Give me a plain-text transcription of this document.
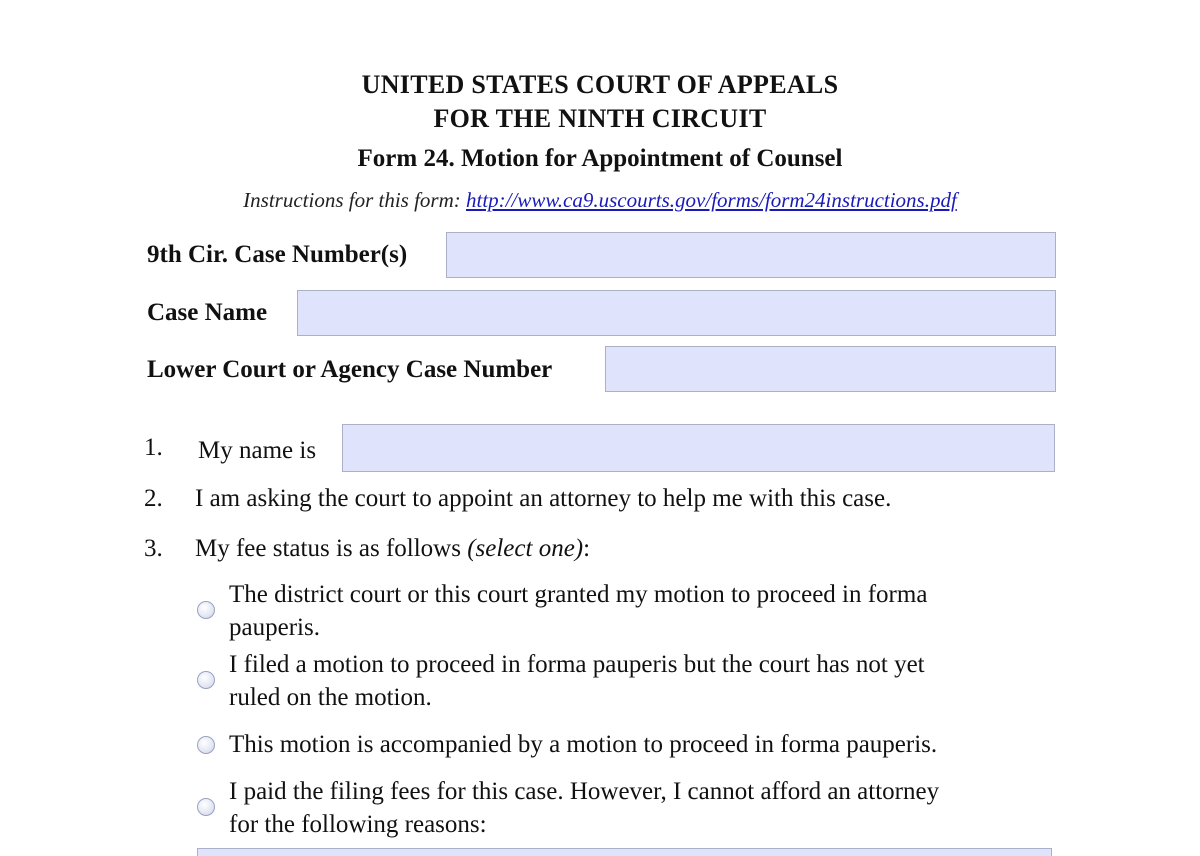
UNITED STATES COURT OF APPEALS
FOR THE NINTH CIRCUIT
Form 24. Motion for Appointment of Counsel
Instructions for this form: http://www.ca9.uscourts.gov/forms/form24instructions.pdf
9th Cir. Case Number(s)
Case Name
Lower Court or Agency Case Number
1. My name is
2. I am asking the court to appoint an attorney to help me with this case.
3. My fee status is as follows (select one):
The district court or this court granted my motion to proceed in forma
pauperis.
I filed a motion to proceed in forma pauperis but the court has not yet
ruled on the motion.
This motion is accompanied by a motion to proceed in forma pauperis.
I paid the filing fees for this case. However, I cannot afford an attorney
for the following reasons:
